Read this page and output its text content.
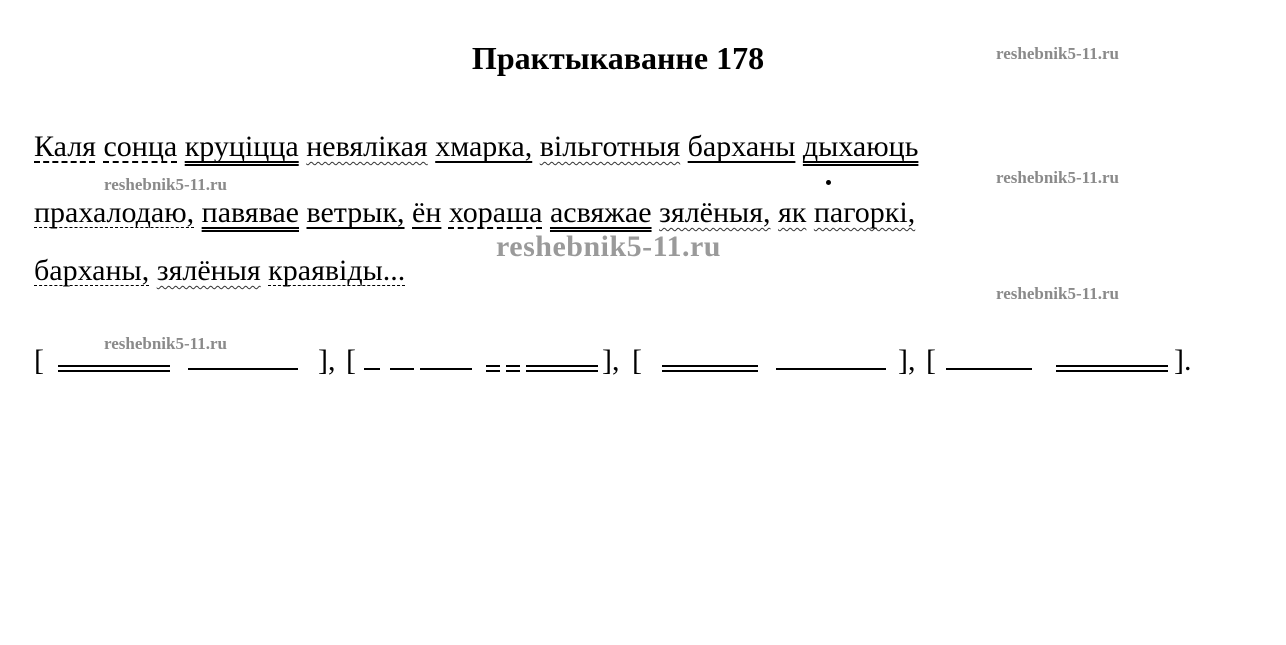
Практыкаванне 178	reshebnik5-11.ru
reshebnik5-11.ru	reshebnik5-11.ru
reshebnik5-11.ru
reshebnik5-11.ru
reshebnik5-11.ru
Каля сонца круціцца невялікая хмарка, вільготныя барханы дыхаюць
прахалодаю, павявае ветрык, ён хораша асвяжае зялёныя, як пагоркі,
барханы, зялёныя краявіды...
[	], [	], [	], [	].
